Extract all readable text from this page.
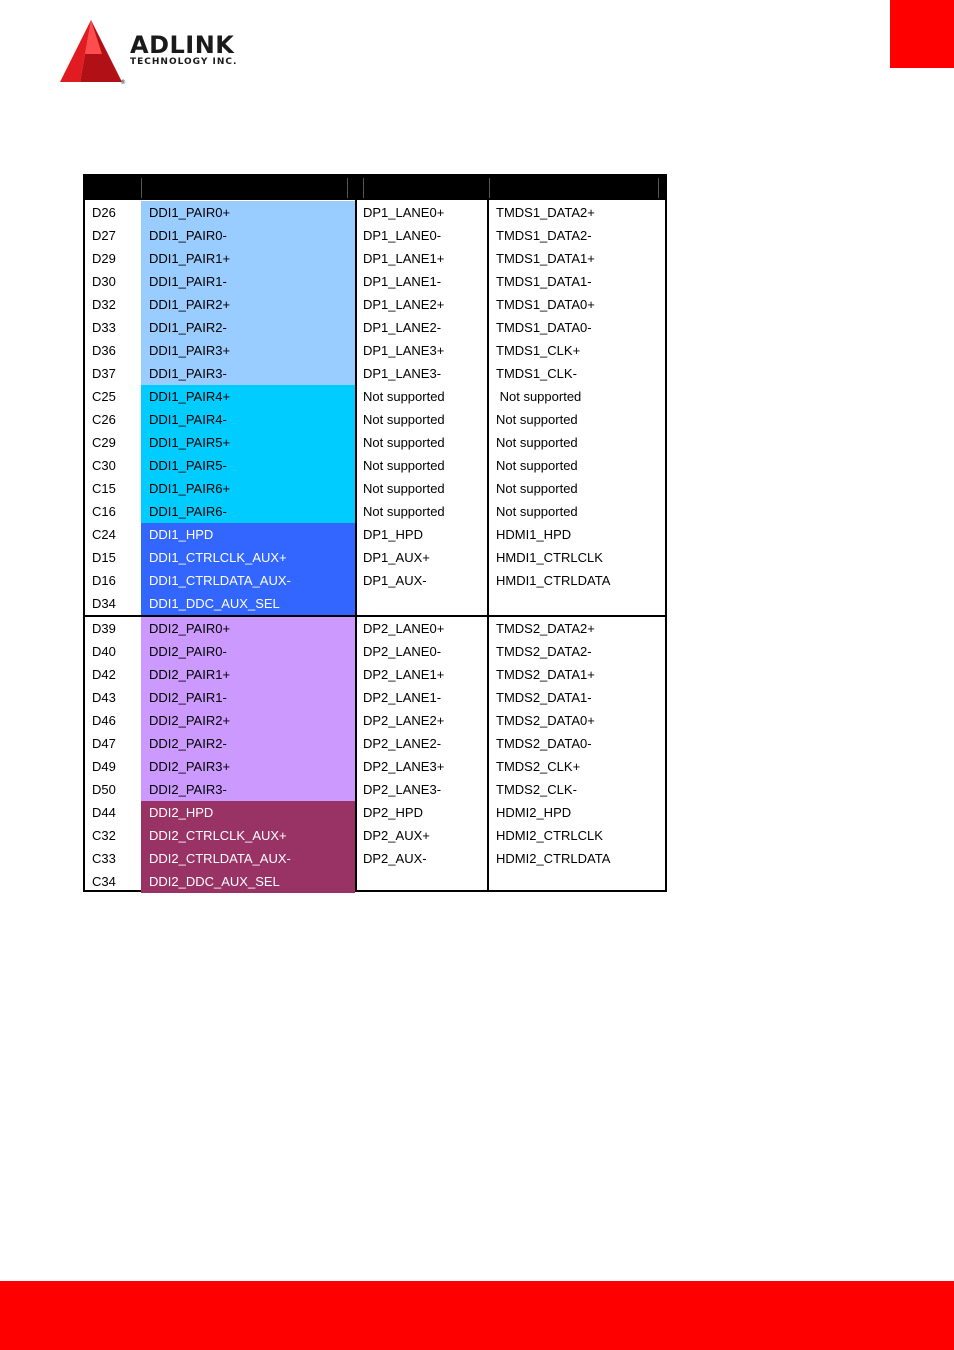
®
ADLINK
TECHNOLOGY INC.
D26	DDI1_PAIR0+	DP1_LANE0+	TMDS1_DATA2+
D27	DDI1_PAIR0-	DP1_LANE0-	TMDS1_DATA2-
D29	DDI1_PAIR1+	DP1_LANE1+	TMDS1_DATA1+
D30	DDI1_PAIR1-	DP1_LANE1-	TMDS1_DATA1-
D32	DDI1_PAIR2+	DP1_LANE2+	TMDS1_DATA0+
D33	DDI1_PAIR2-	DP1_LANE2-	TMDS1_DATA0-
D36	DDI1_PAIR3+	DP1_LANE3+	TMDS1_CLK+
D37	DDI1_PAIR3-	DP1_LANE3-	TMDS1_CLK-
C25	DDI1_PAIR4+	Not supported	Not supported
C26	DDI1_PAIR4-	Not supported	Not supported
C29	DDI1_PAIR5+	Not supported	Not supported
C30	DDI1_PAIR5-	Not supported	Not supported
C15	DDI1_PAIR6+	Not supported	Not supported
C16	DDI1_PAIR6-	Not supported	Not supported
C24	DDI1_HPD	DP1_HPD	HDMI1_HPD
D15	DDI1_CTRLCLK_AUX+	DP1_AUX+	HMDI1_CTRLCLK
D16	DDI1_CTRLDATA_AUX-	DP1_AUX-	HMDI1_CTRLDATA
D34	DDI1_DDC_AUX_SEL
D39	DDI2_PAIR0+	DP2_LANE0+	TMDS2_DATA2+
D40	DDI2_PAIR0-	DP2_LANE0-	TMDS2_DATA2-
D42	DDI2_PAIR1+	DP2_LANE1+	TMDS2_DATA1+
D43	DDI2_PAIR1-	DP2_LANE1-	TMDS2_DATA1-
D46	DDI2_PAIR2+	DP2_LANE2+	TMDS2_DATA0+
D47	DDI2_PAIR2-	DP2_LANE2-	TMDS2_DATA0-
D49	DDI2_PAIR3+	DP2_LANE3+	TMDS2_CLK+
D50	DDI2_PAIR3-	DP2_LANE3-	TMDS2_CLK-
D44	DDI2_HPD	DP2_HPD	HDMI2_HPD
C32	DDI2_CTRLCLK_AUX+	DP2_AUX+	HDMI2_CTRLCLK
C33	DDI2_CTRLDATA_AUX-	DP2_AUX-	HDMI2_CTRLDATA
C34	DDI2_DDC_AUX_SEL
